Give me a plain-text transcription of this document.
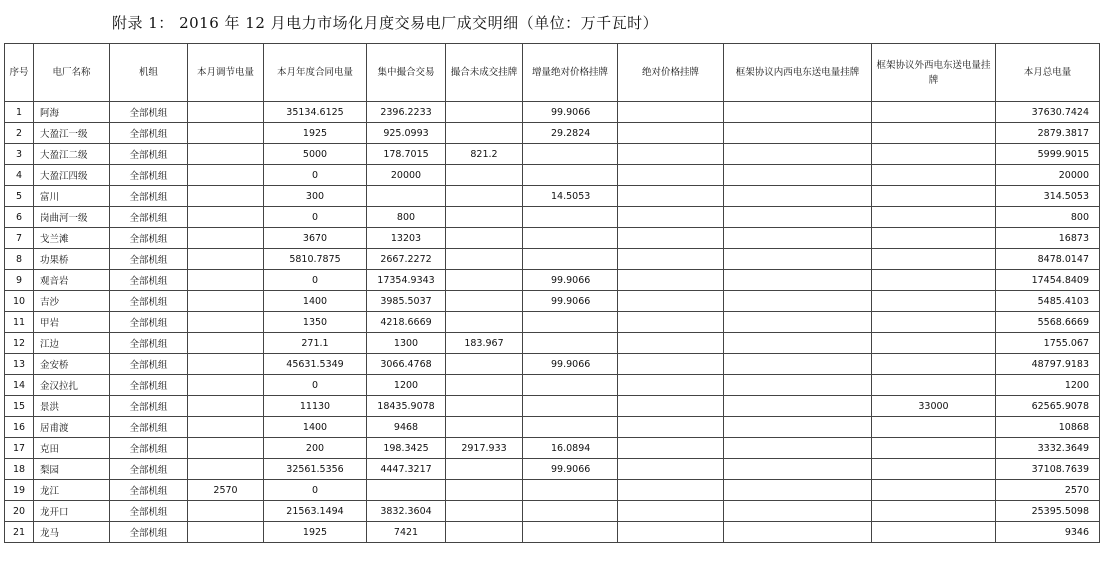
附录 1： 2016 年 12 月电力市场化月度交易电厂成交明细（单位：万千瓦时）
序号	电厂名称	机组	本月调节电量	本月年度合同电量	集中撮合交易	撮合未成交挂牌	增量绝对价格挂牌	绝对价格挂牌	框架协议内西电东送电量挂牌	框架协议外西电东送电量挂牌	本月总电量
1	阿海	全部机组		35134.6125	2396.2233		99.9066				37630.7424
2	大盈江一级	全部机组		1925	925.0993		29.2824				2879.3817
3	大盈江二级	全部机组		5000	178.7015	821.2					5999.9015
4	大盈江四级	全部机组		0	20000						20000
5	富川	全部机组		300			14.5053				314.5053
6	岗曲河一级	全部机组		0	800						800
7	戈兰滩	全部机组		3670	13203						16873
8	功果桥	全部机组		5810.7875	2667.2272						8478.0147
9	观音岩	全部机组		0	17354.9343		99.9066				17454.8409
10	吉沙	全部机组		1400	3985.5037		99.9066				5485.4103
11	甲岩	全部机组		1350	4218.6669						5568.6669
12	江边	全部机组		271.1	1300	183.967					1755.067
13	金安桥	全部机组		45631.5349	3066.4768		99.9066				48797.9183
14	金汉拉扎	全部机组		0	1200						1200
15	景洪	全部机组		11130	18435.9078					33000	62565.9078
16	居甫渡	全部机组		1400	9468						10868
17	克田	全部机组		200	198.3425	2917.933	16.0894				3332.3649
18	梨园	全部机组		32561.5356	4447.3217		99.9066				37108.7639
19	龙江	全部机组	2570	0							2570
20	龙开口	全部机组		21563.1494	3832.3604						25395.5098
21	龙马	全部机组		1925	7421						9346
